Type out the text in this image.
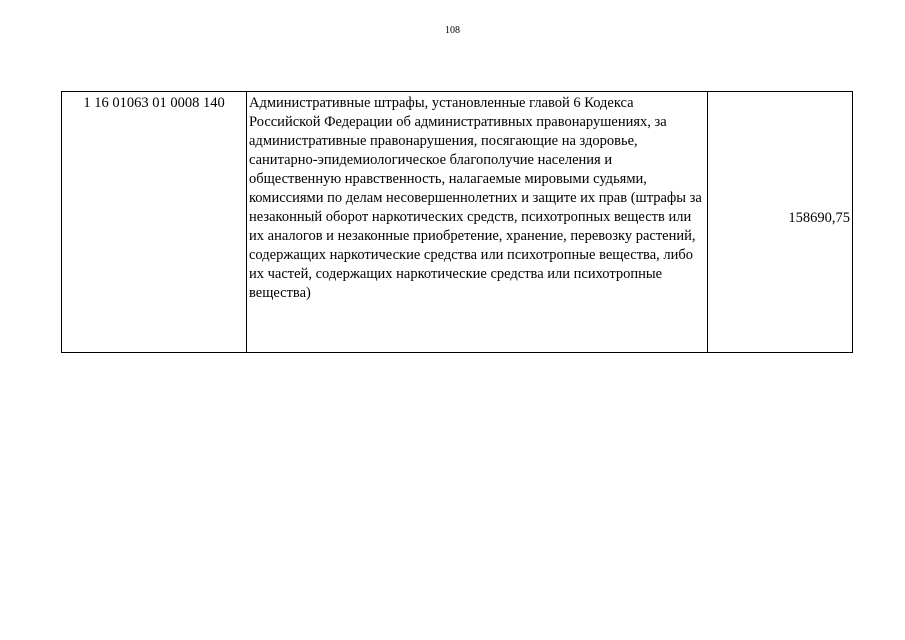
108
1 16 01063 01 0008 140	Административные штрафы, установленные главой 6 Кодекса Российской Федерации об административных правонарушениях, за административные правонарушения, посягающие на здоровье, санитарно-эпидемиологическое благополучие населения и общественную нравственность, налагаемые мировыми судьями, комиссиями по делам несовершеннолетних и защите их прав (штрафы за незаконный оборот наркотических средств, психотропных веществ или их аналогов и незаконные приобретение, хранение, перевозку растений, содержащих наркотические средства или психотропные вещества, либо их частей, содержащих наркотические средства или психотропные вещества)	158690,75
